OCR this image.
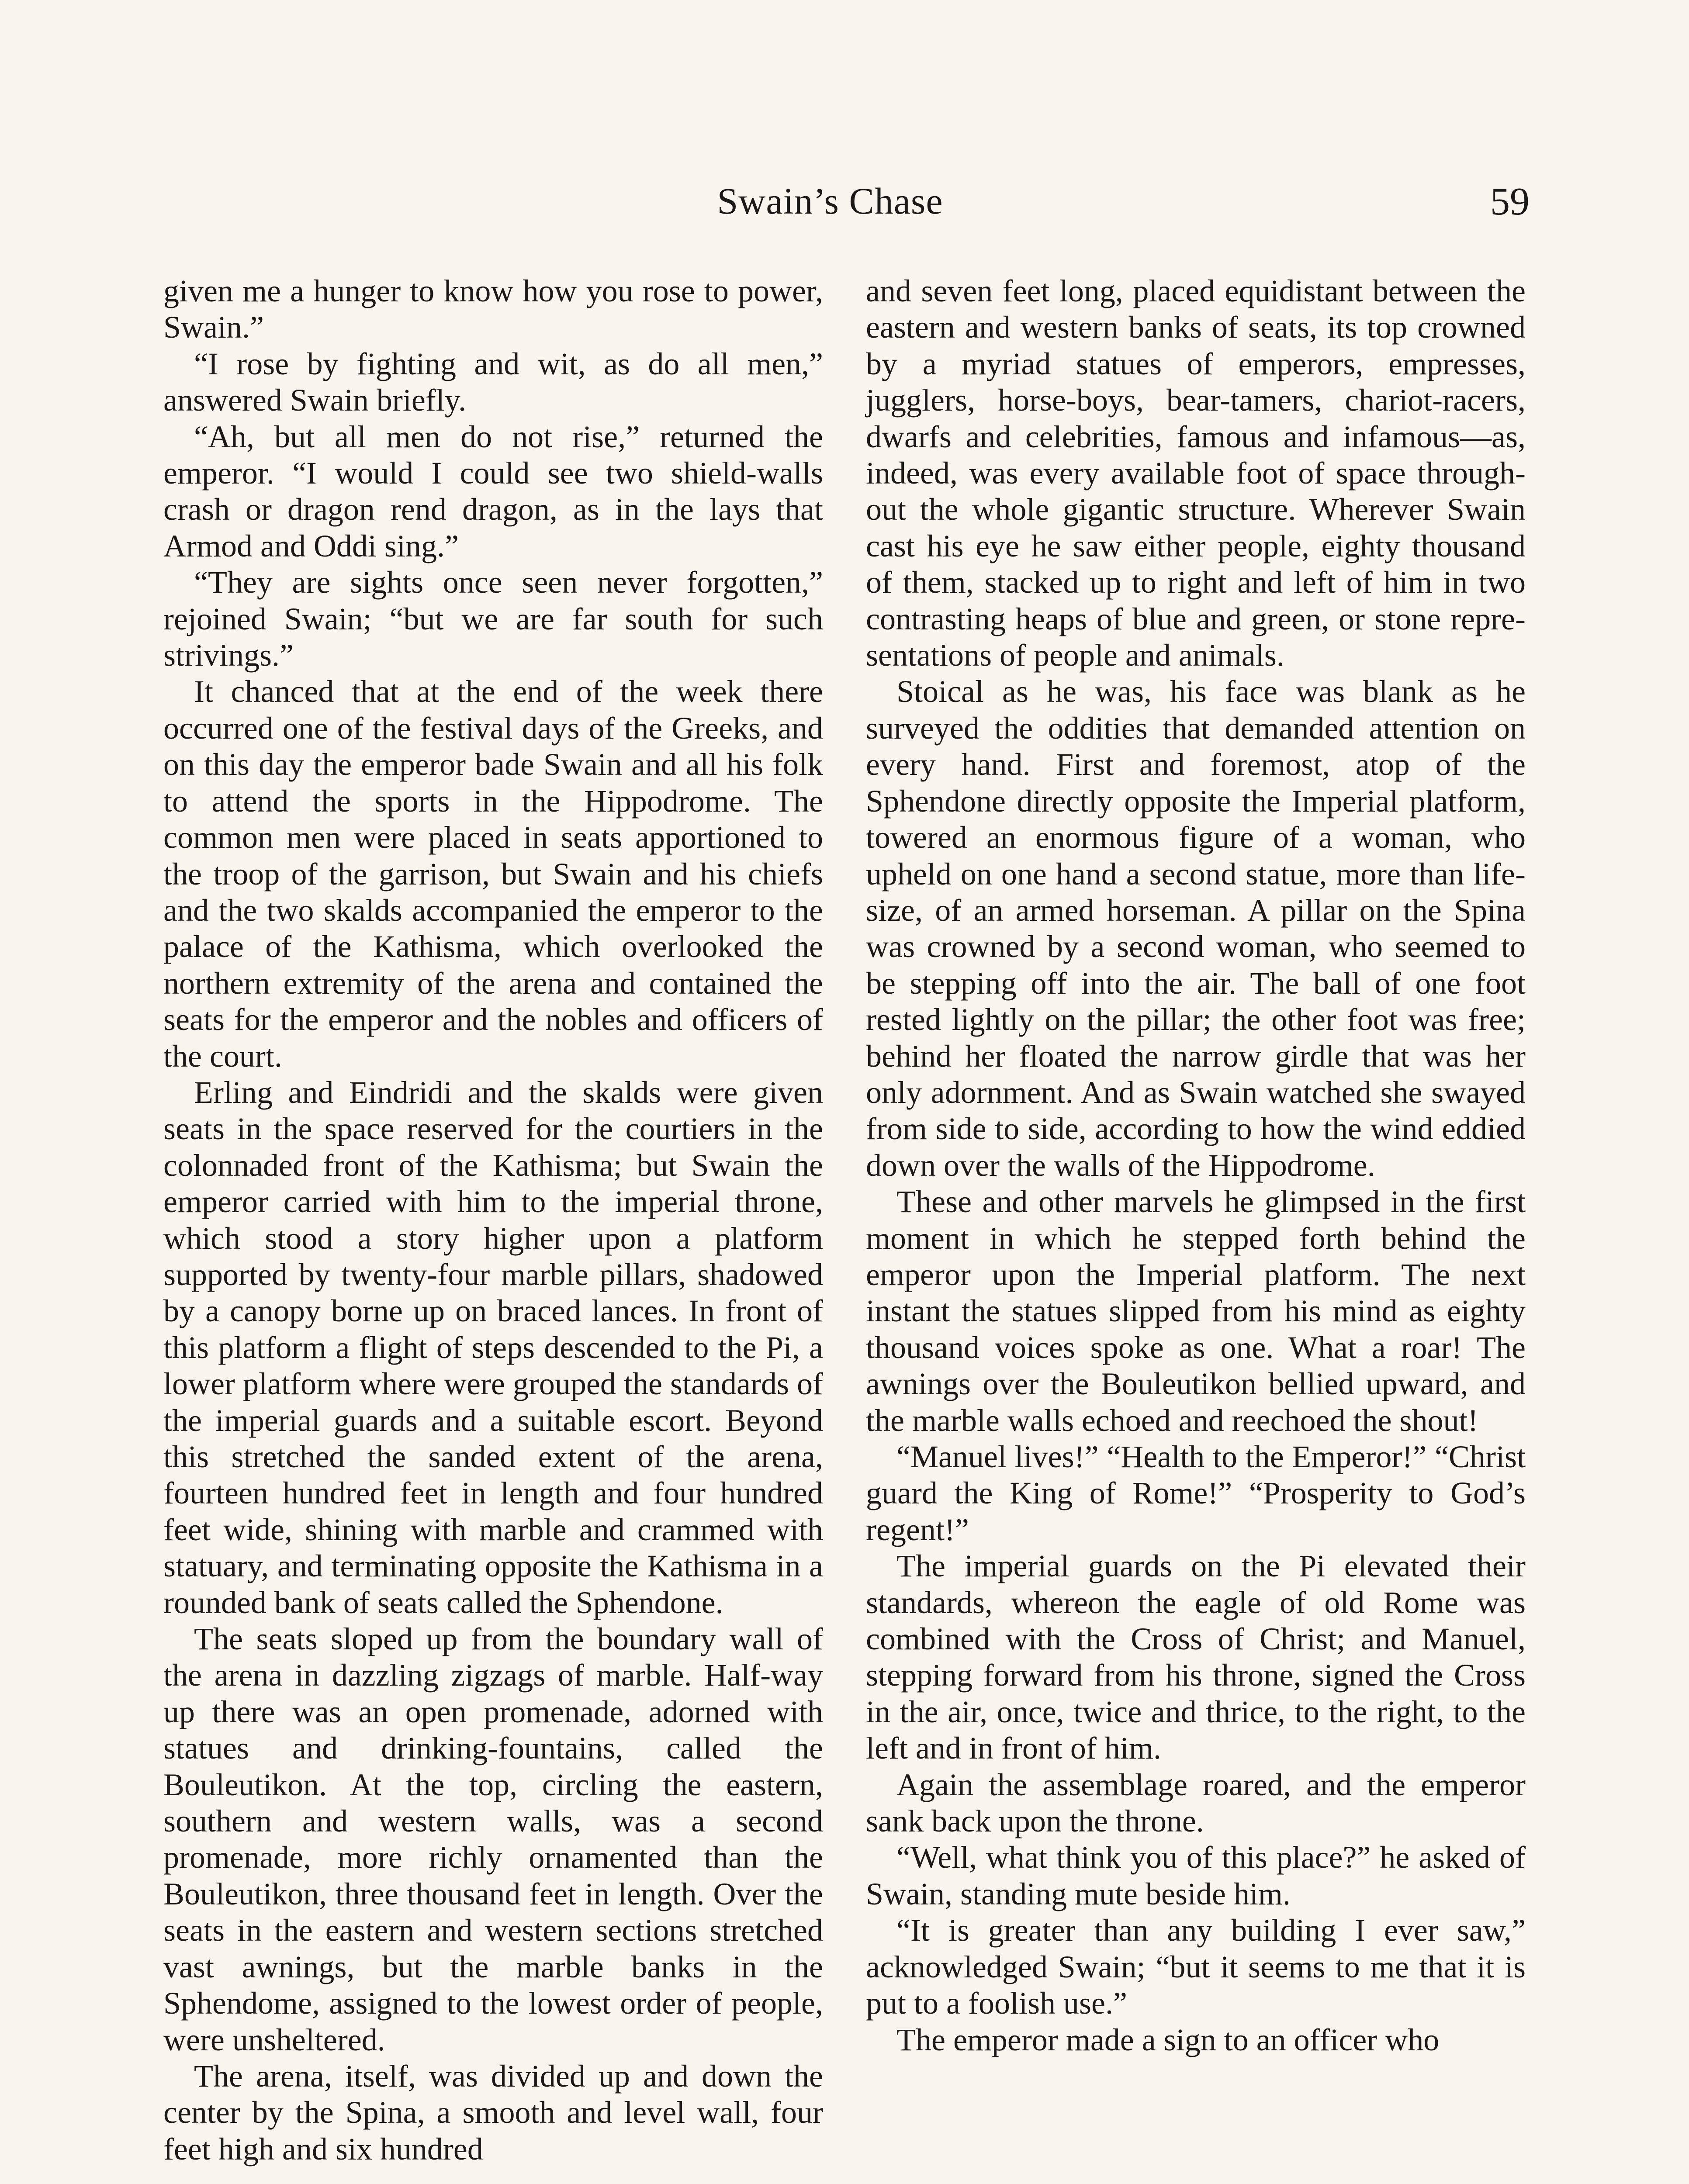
Swain’s Chase	59

given me a hunger to know how you rose to power, Swain.”

“I rose by fighting and wit, as do all men,” answered Swain briefly.

“Ah, but all men do not rise,” returned the emperor. “I would I could see two shield-walls crash or dragon rend dragon, as in the lays that Armod and Oddi sing.”

“They are sights once seen never forgotten,” rejoined Swain; “but we are far south for such strivings.”

It chanced that at the end of the week there occurred one of the festival days of the Greeks, and on this day the emperor bade Swain and all his folk to attend the sports in the Hippodrome. The common men were placed in seats apportioned to the troop of the garrison, but Swain and his chiefs and the two skalds accompanied the emperor to the palace of the Kathisma, which overlooked the northern extremity of the arena and contained the seats for the emperor and the nobles and officers of the court.

Erling and Eindridi and the skalds were given seats in the space reserved for the courtiers in the colonnaded front of the Kathisma; but Swain the emperor carried with him to the imperial throne, which stood a story higher upon a platform supported by twenty-four marble pillars, shadowed by a canopy borne up on braced lances. In front of this platform a flight of steps descended to the Pi, a lower platform where were grouped the standards of the imperial guards and a suitable escort. Beyond this stretched the sanded extent of the arena, fourteen hundred feet in length and four hundred feet wide, shining with marble and crammed with statuary, and terminating opposite the Kathisma in a rounded bank of seats called the Sphendone.

The seats sloped up from the boundary wall of the arena in dazzling zigzags of marble. Half-way up there was an open promenade, adorned with statues and drinking-fountains, called the Bouleutikon. At the top, circling the eastern, southern and western walls, was a second promenade, more richly ornamented than the Bouleutikon, three thousand feet in length. Over the seats in the eastern and western sections stretched vast awnings, but the marble banks in the Sphendome, assigned to the lowest order of people, were unsheltered.

The arena, itself, was divided up and down the center by the Spina, a smooth and level wall, four feet high and six hundred

and seven feet long, placed equidistant between the eastern and western banks of seats, its top crowned by a myriad statues of emperors, empresses, jugglers, horse-boys, bear-tamers, chariot-racers, dwarfs and celebrities, famous and infamous—as, indeed, was every available foot of space throughout the whole gigantic structure. Wherever Swain cast his eye he saw either people, eighty thousand of them, stacked up to right and left of him in two contrasting heaps of blue and green, or stone representations of people and animals.

Stoical as he was, his face was blank as he surveyed the oddities that demanded attention on every hand. First and foremost, atop of the Sphendone directly opposite the Imperial platform, towered an enormous figure of a woman, who upheld on one hand a second statue, more than lifesize, of an armed horseman. A pillar on the Spina was crowned by a second woman, who seemed to be stepping off into the air. The ball of one foot rested lightly on the pillar; the other foot was free; behind her floated the narrow girdle that was her only adornment. And as Swain watched she swayed from side to side, according to how the wind eddied down over the walls of the Hippodrome.

These and other marvels he glimpsed in the first moment in which he stepped forth behind the emperor upon the Imperial platform. The next instant the statues slipped from his mind as eighty thousand voices spoke as one. What a roar! The awnings over the Bouleutikon bellied upward, and the marble walls echoed and reechoed the shout!

“Manuel lives!” “Health to the Emperor!” “Christ guard the King of Rome!” “Prosperity to God’s regent!”

The imperial guards on the Pi elevated their standards, whereon the eagle of old Rome was combined with the Cross of Christ; and Manuel, stepping forward from his throne, signed the Cross in the air, once, twice and thrice, to the right, to the left and in front of him.

Again the assemblage roared, and the emperor sank back upon the throne.

“Well, what think you of this place?” he asked of Swain, standing mute beside him.

“It is greater than any building I ever saw,” acknowledged Swain; “but it seems to me that it is put to a foolish use.”

The emperor made a sign to an officer who
